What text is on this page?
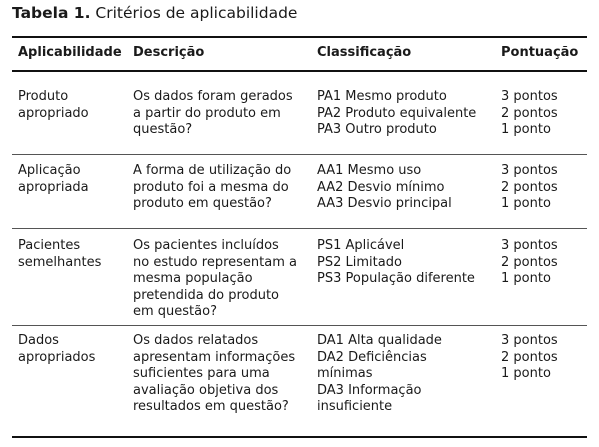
Tabela 1. Critérios de aplicabilidade
Aplicabilidade Descrição	Classificação	Pontuação
Produto
apropriado
Os dados foram gerados
a partir do produto em
questão?
PA1 Mesmo produto
PA2 Produto equivalente
PA3 Outro produto
3 pontos
2 pontos
1 ponto
Aplicação
apropriada
A forma de utilização do
produto foi a mesma do
produto em questão?
AA1 Mesmo uso
AA2 Desvio mínimo
AA3 Desvio principal
3 pontos
2 pontos
1 ponto
Pacientes
semelhantes
Os pacientes incluídos
no estudo representam a
mesma população
pretendida do produto
em questão?
PS1 Aplicável
PS2 Limitado
PS3 População diferente
3 pontos
2 pontos
1 ponto
Dados
apropriados
Os dados relatados
apresentam informações
suficientes para uma
avaliação objetiva dos
resultados em questão?
DA1 Alta qualidade
DA2 Deficiências
mínimas
DA3 Informação
insuficiente
3 pontos
2 pontos
1 ponto
